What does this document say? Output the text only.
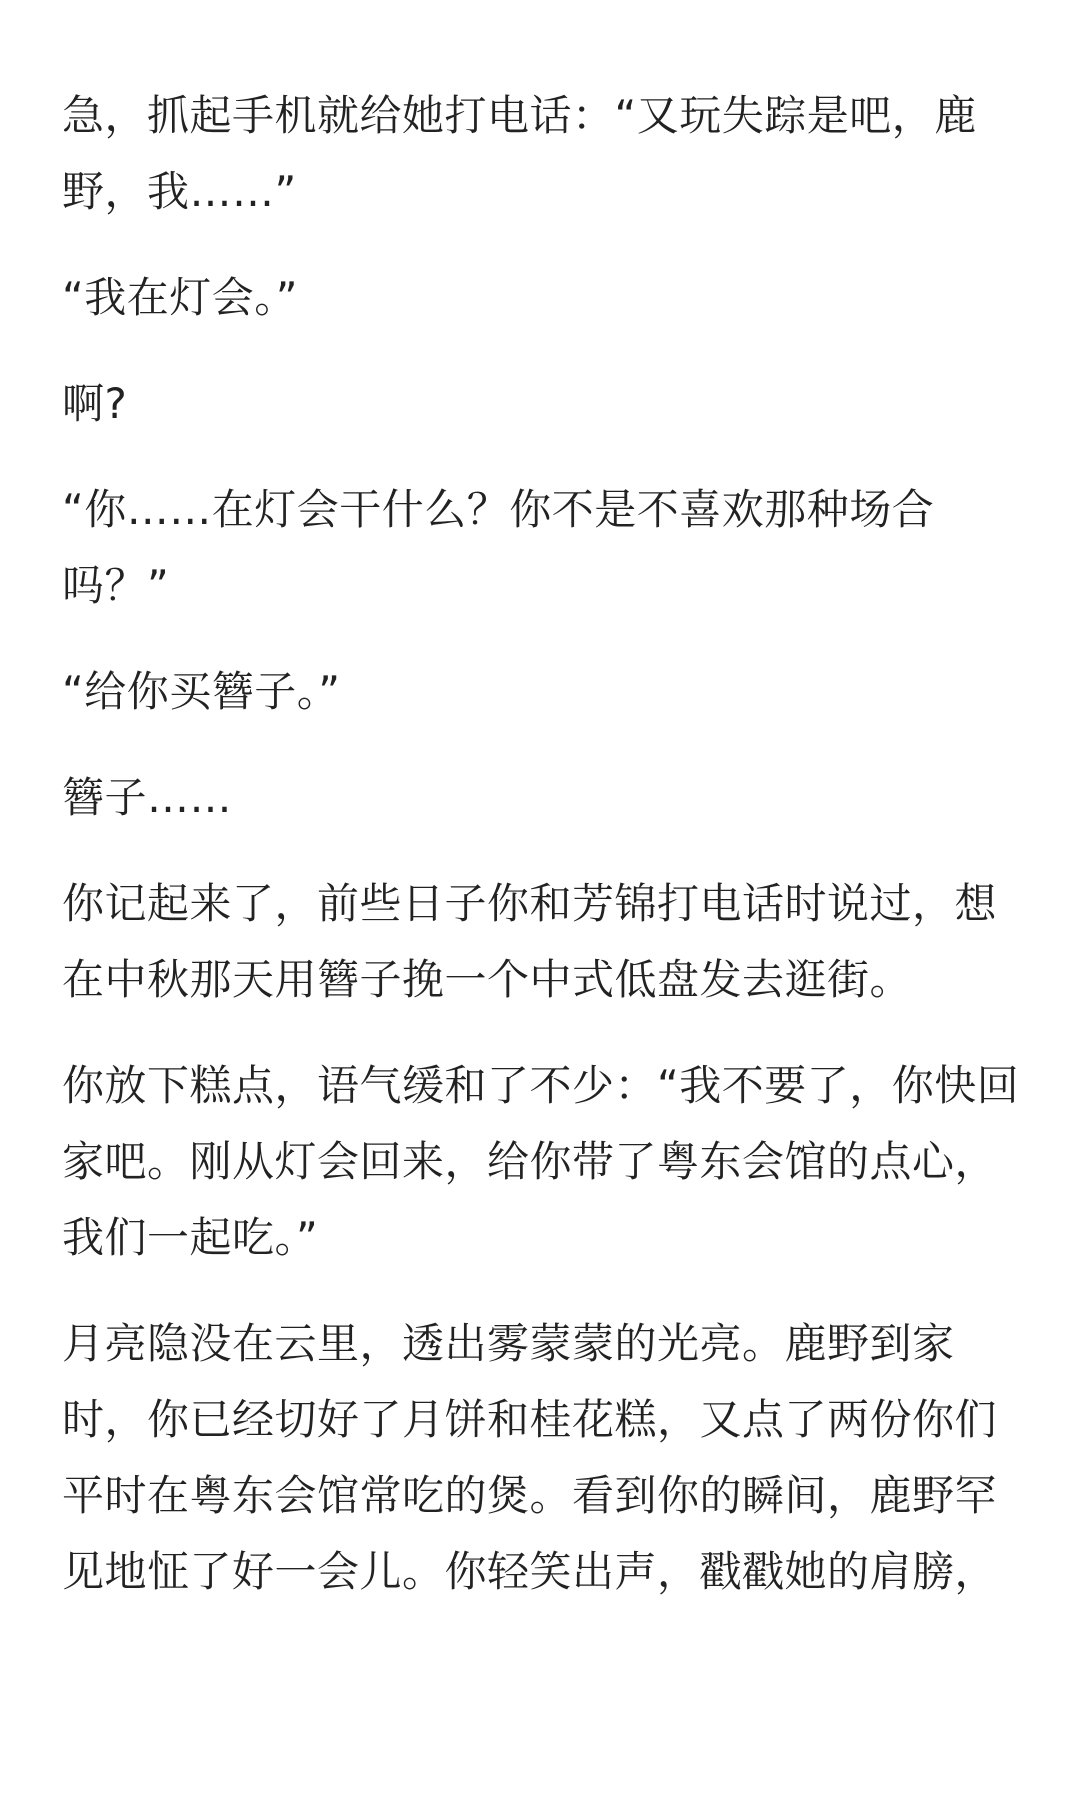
急，抓起手机就给她打电话：“又玩失踪是吧，鹿野，我……”

“我在灯会。”

啊?

“你……在灯会干什么？你不是不喜欢那种场合吗？”

“给你买簪子。”

簪子……

你记起来了，前些日子你和芳锦打电话时说过，想在中秋那天用簪子挽一个中式低盘发去逛街。

你放下糕点，语气缓和了不少：“我不要了，你快回家吧。刚从灯会回来，给你带了粤东会馆的点心，我们一起吃。”

月亮隐没在云里，透出雾蒙蒙的光亮。鹿野到家时，你已经切好了月饼和桂花糕，又点了两份你们平时在粤东会馆常吃的煲。看到你的瞬间，鹿野罕见地怔了好一会儿。你轻笑出声，戳戳她的肩膀，
